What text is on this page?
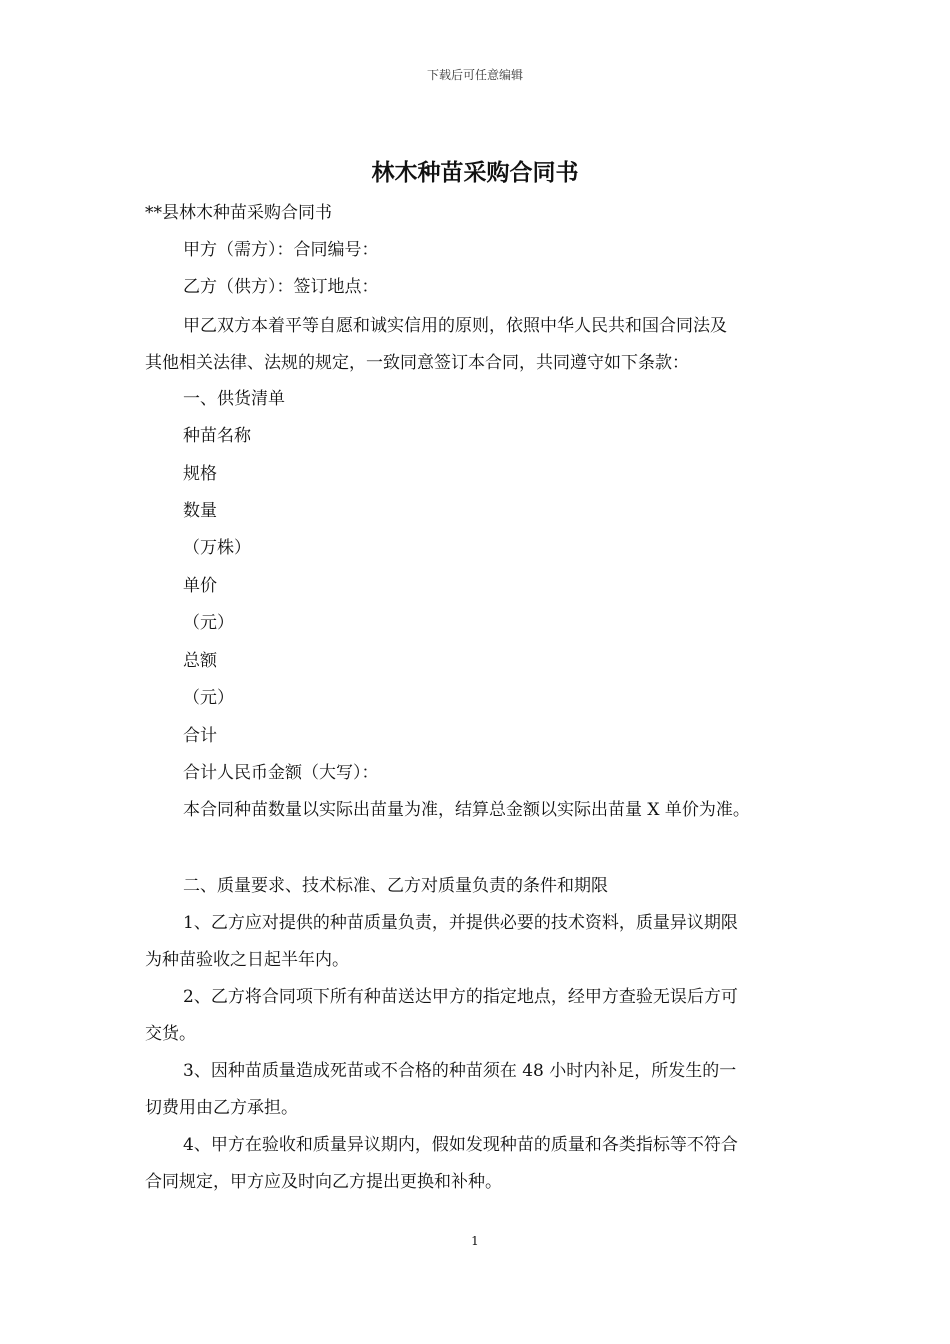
下载后可任意编辑
林木种苗采购合同书
**县林木种苗采购合同书
甲方（需方）：合同编号：
乙方（供方）：签订地点：
甲乙双方本着平等自愿和诚实信用的原则，依照中华人民共和国合同法及
其他相关法律、法规的规定，一致同意签订本合同，共同遵守如下条款：
一、供货清单
种苗名称
规格
数量
（万株）
单价
（元）
总额
（元）
合计
合计人民币金额（大写）：
本合同种苗数量以实际出苗量为准，结算总金额以实际出苗量 X 单价为准。
二、质量要求、技术标准、乙方对质量负责的条件和期限
1、乙方应对提供的种苗质量负责，并提供必要的技术资料，质量异议期限
为种苗验收之日起半年内。
2、乙方将合同项下所有种苗送达甲方的指定地点，经甲方查验无误后方可
交货。
3、因种苗质量造成死苗或不合格的种苗须在 48 小时内补足，所发生的一
切费用由乙方承担。
4、甲方在验收和质量异议期内，假如发现种苗的质量和各类指标等不符合
合同规定，甲方应及时向乙方提出更换和补种。
1
